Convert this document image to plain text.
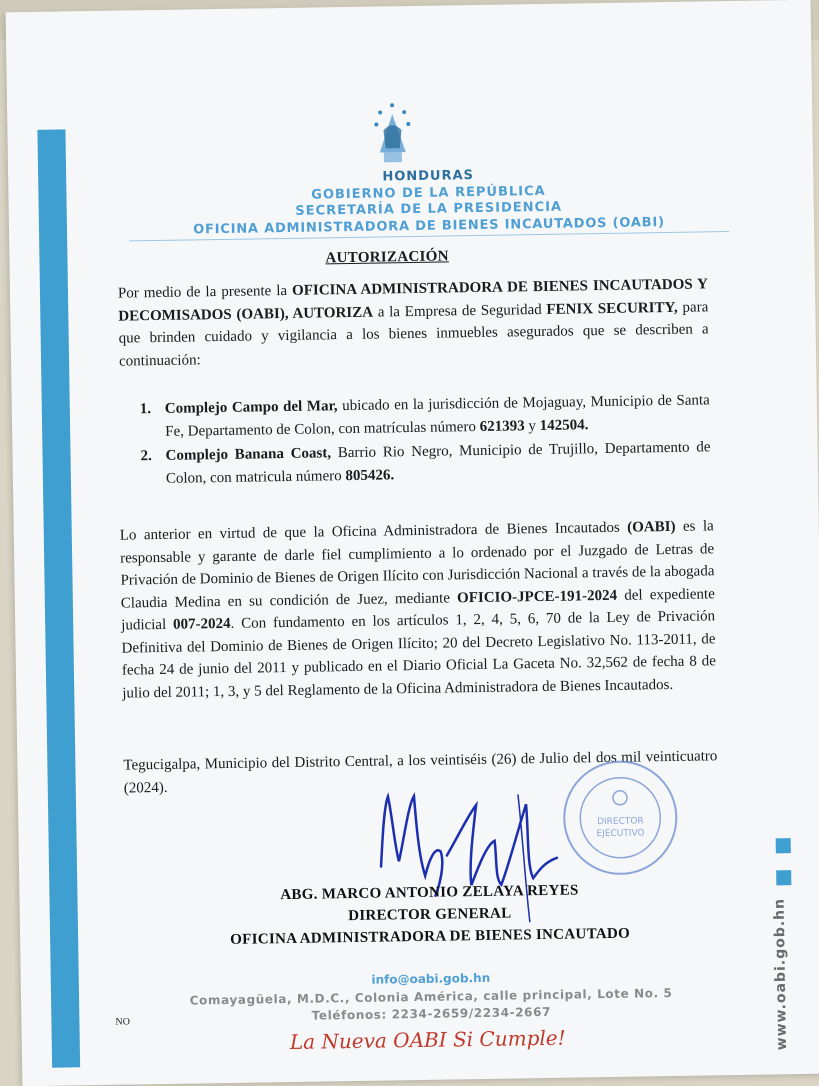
HONDURAS
GOBIERNO DE LA REPÚBLICA
SECRETARÍA DE LA PRESIDENCIA
OFICINA ADMINISTRADORA DE BIENES INCAUTADOS (OABI)
AUTORIZACIÓN
Por medio de la presente la OFICINA ADMINISTRADORA DE BIENES INCAUTADOS Y DECOMISADOS (OABI), AUTORIZA a la Empresa de Seguridad FENIX SECURITY, para que brinden cuidado y vigilancia a los bienes inmuebles asegurados que se describen a continuación:
1. Complejo Campo del Mar, ubicado en la jurisdicción de Mojaguay, Municipio de Santa Fe, Departamento de Colon, con matrículas número 621393 y 142504.
2. Complejo Banana Coast, Barrio Rio Negro, Municipio de Trujillo, Departamento de Colon, con matricula número 805426.
Lo anterior en virtud de que la Oficina Administradora de Bienes Incautados (OABI) es la responsable y garante de darle fiel cumplimiento a lo ordenado por el Juzgado de Letras de Privación de Dominio de Bienes de Origen Ilícito con Jurisdicción Nacional a través de la abogada Claudia Medina en su condición de Juez, mediante OFICIO-JPCE-191-2024 del expediente judicial 007-2024. Con fundamento en los artículos 1, 2, 4, 5, 6, 70 de la Ley de Privación Definitiva del Dominio de Bienes de Origen Ilícito; 20 del Decreto Legislativo No. 113-2011, de fecha 24 de junio del 2011 y publicado en el Diario Oficial La Gaceta No. 32,562 de fecha 8 de julio del 2011; 1, 3, y 5 del Reglamento de la Oficina Administradora de Bienes Incautados.
Tegucigalpa, Municipio del Distrito Central, a los veintiséis (26) de Julio del dos mil veinticuatro (2024).
DIRECTOR
EJECUTIVO
ABG. MARCO ANTONIO ZELAYA REYES
DIRECTOR GENERAL
OFICINA ADMINISTRADORA DE BIENES INCAUTADO
info@oabi.gob.hn
Comayagüela, M.D.C., Colonia América, calle principal, Lote No. 5
Teléfonos: 2234-2659/2234-2667
La Nueva OABI Si Cumple!
NO	www.oabi.gob.hn
